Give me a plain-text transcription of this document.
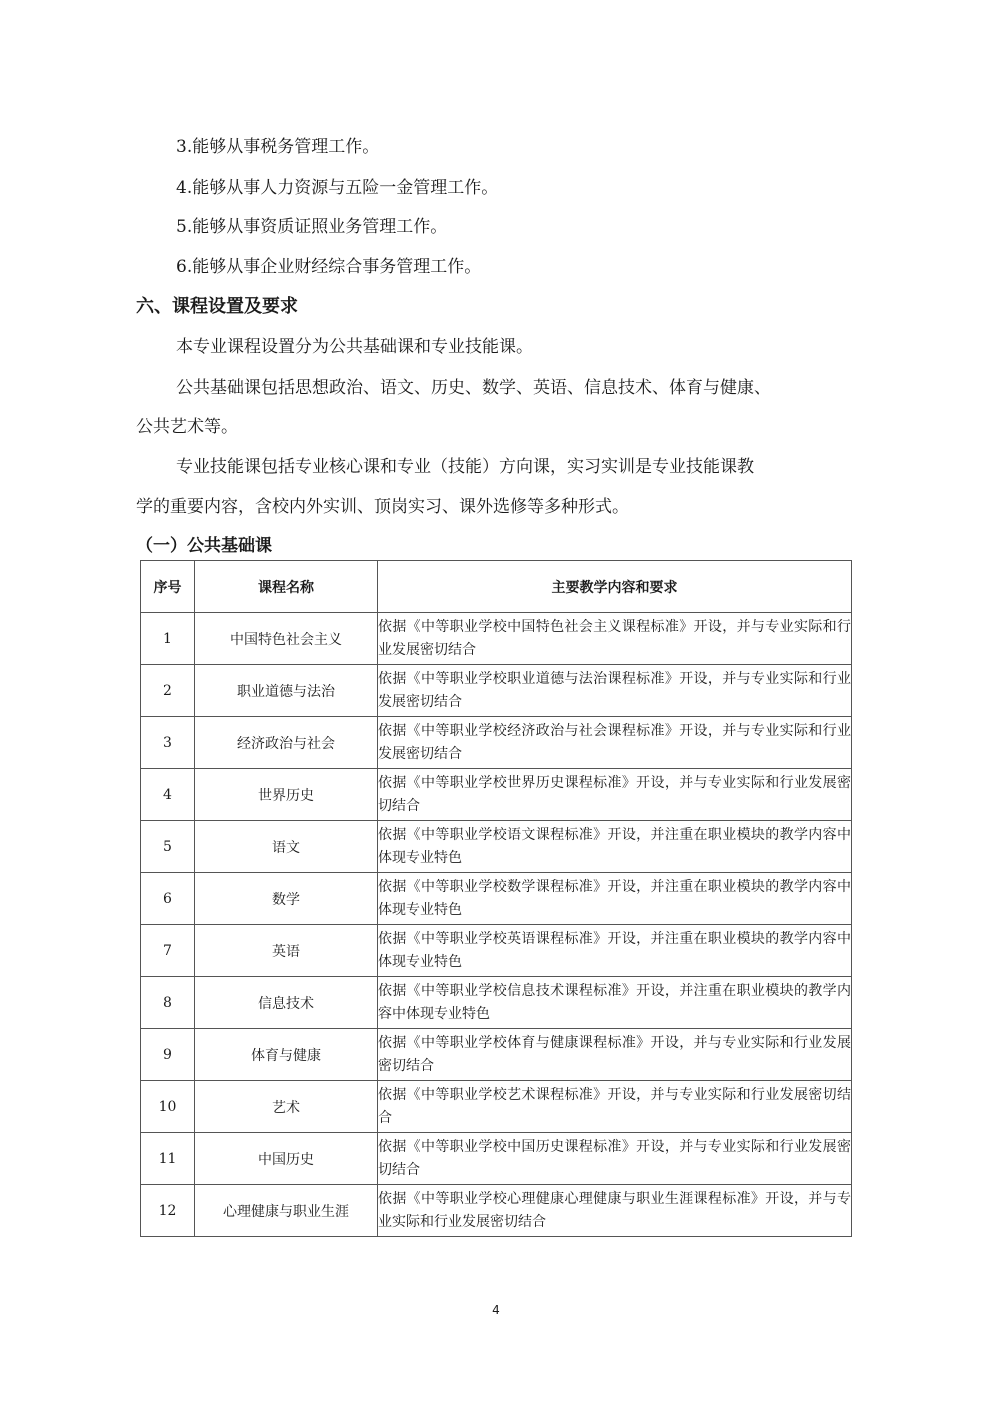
3.能够从事税务管理工作。
4.能够从事人力资源与五险一金管理工作。
5.能够从事资质证照业务管理工作。
6.能够从事企业财经综合事务管理工作。
六、课程设置及要求
本专业课程设置分为公共基础课和专业技能课。
公共基础课包括思想政治、语文、历史、数学、英语、信息技术、体育与健康、
公共艺术等。
专业技能课包括专业核心课和专业（技能）方向课，实习实训是专业技能课教
学的重要内容，含校内外实训、顶岗实习、课外选修等多种形式。
（一）公共基础课
序号	课程名称	主要教学内容和要求
1	中国特色社会主义	依据《中等职业学校中国特色社会主义课程标准》开设，并与专业实际和行业发展密切结合
2	职业道德与法治	依据《中等职业学校职业道德与法治课程标准》开设，并与专业实际和行业发展密切结合
3	经济政治与社会	依据《中等职业学校经济政治与社会课程标准》开设，并与专业实际和行业发展密切结合
4	世界历史	依据《中等职业学校世界历史课程标准》开设，并与专业实际和行业发展密切结合
5	语文	依据《中等职业学校语文课程标准》开设，并注重在职业模块的教学内容中体现专业特色
6	数学	依据《中等职业学校数学课程标准》开设，并注重在职业模块的教学内容中体现专业特色
7	英语	依据《中等职业学校英语课程标准》开设，并注重在职业模块的教学内容中体现专业特色
8	信息技术	依据《中等职业学校信息技术课程标准》开设，并注重在职业模块的教学内容中体现专业特色
9	体育与健康	依据《中等职业学校体育与健康课程标准》开设，并与专业实际和行业发展密切结合
10	艺术	依据《中等职业学校艺术课程标准》开设，并与专业实际和行业发展密切结合
11	中国历史	依据《中等职业学校中国历史课程标准》开设，并与专业实际和行业发展密切结合
12	心理健康与职业生涯	依据《中等职业学校心理健康心理健康与职业生涯课程标准》开设，并与专业实际和行业发展密切结合
4
